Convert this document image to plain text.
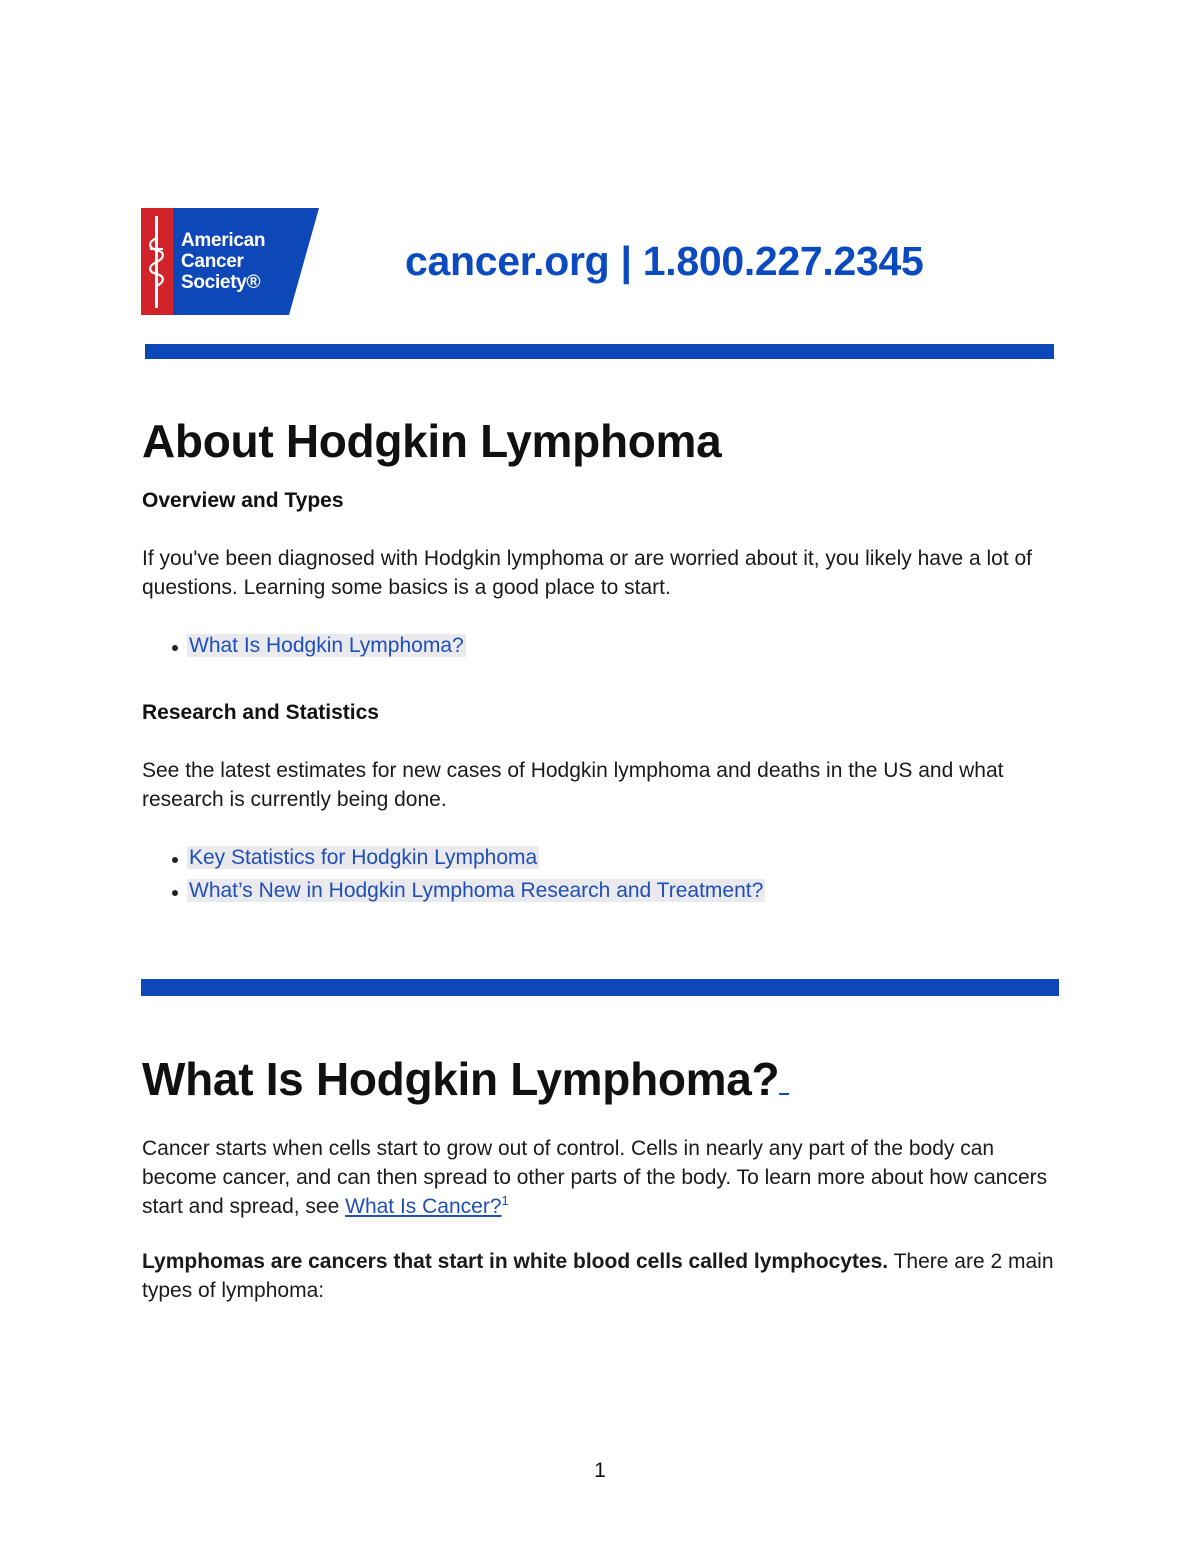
American
Cancer
Society®	cancer.org | 1.800.227.2345
About Hodgkin Lymphoma
Overview and Types

If you've been diagnosed with Hodgkin lymphoma or are worried about it, you likely have a lot of questions. Learning some basics is a good place to start.

What Is Hodgkin Lymphoma?
Research and Statistics

See the latest estimates for new cases of Hodgkin lymphoma and deaths in the US and what research is currently being done.

Key Statistics for Hodgkin Lymphoma
What’s New in Hodgkin Lymphoma Research and Treatment?
What Is Hodgkin Lymphoma?

Cancer starts when cells start to grow out of control. Cells in nearly any part of the body can become cancer, and can then spread to other parts of the body. To learn more about how cancers start and spread, see What Is Cancer?$^1$

Lymphomas are cancers that start in white blood cells called lymphocytes. There are 2 main types of lymphoma:

1
